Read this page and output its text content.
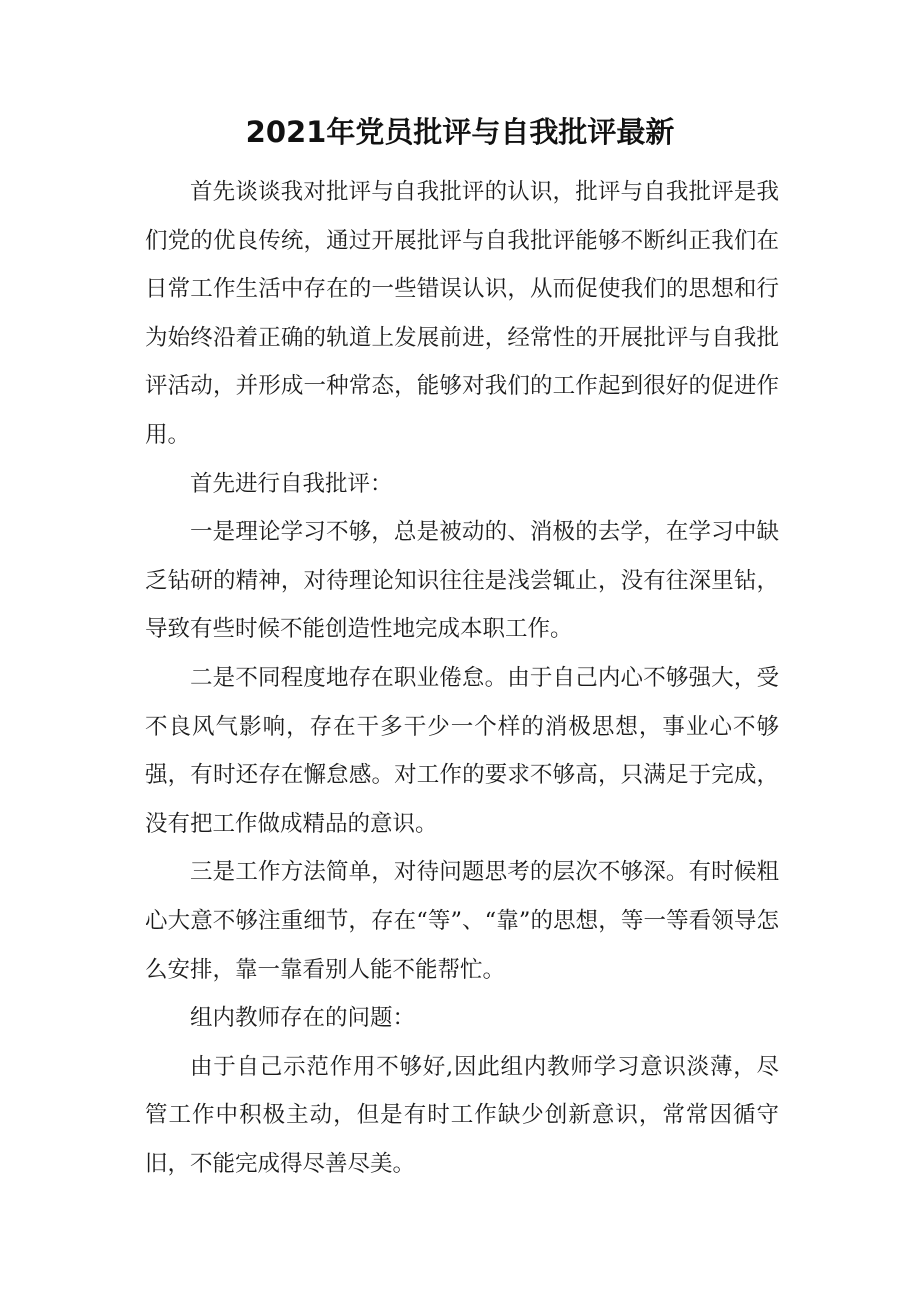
2021年党员批评与自我批评最新

首先谈谈我对批评与自我批评的认识，批评与自我批评是我们党的优良传统，通过开展批评与自我批评能够不断纠正我们在日常工作生活中存在的一些错误认识，从而促使我们的思想和行为始终沿着正确的轨道上发展前进，经常性的开展批评与自我批评活动，并形成一种常态，能够对我们的工作起到很好的促进作用。

首先进行自我批评：

一是理论学习不够，总是被动的、消极的去学，在学习中缺乏钻研的精神，对待理论知识往往是浅尝辄止，没有往深里钻，导致有些时候不能创造性地完成本职工作。

二是不同程度地存在职业倦怠。由于自己内心不够强大，受不良风气影响，存在干多干少一个样的消极思想，事业心不够强，有时还存在懈怠感。对工作的要求不够高，只满足于完成，没有把工作做成精品的意识。

三是工作方法简单，对待问题思考的层次不够深。有时候粗心大意不够注重细节，存在“等”、“靠”的思想，等一等看领导怎么安排，靠一靠看别人能不能帮忙。

组内教师存在的问题：

由于自己示范作用不够好,因此组内教师学习意识淡薄，尽管工作中积极主动，但是有时工作缺少创新意识，常常因循守旧，不能完成得尽善尽美。
